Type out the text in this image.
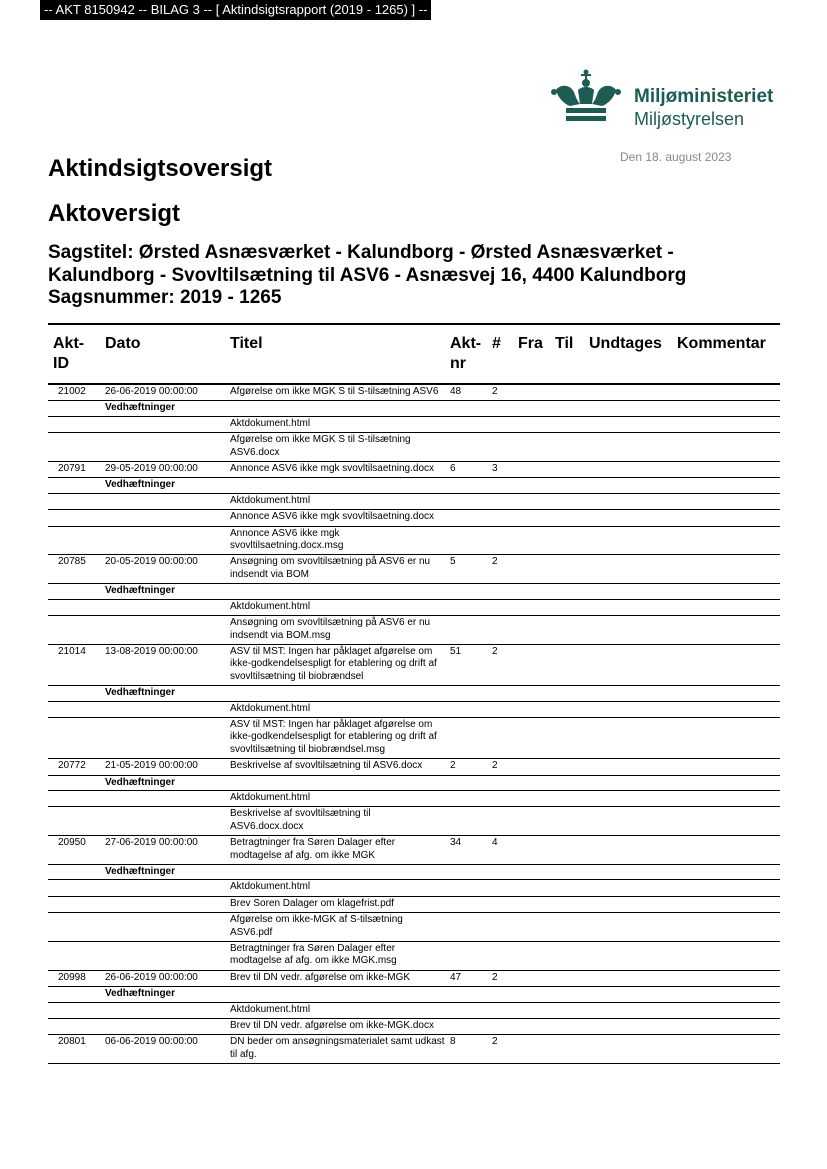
-- AKT 8150942 -- BILAG 3 -- [ Aktindsigtsrapport (2019 - 1265) ] --
Miljøministeriet
Miljøstyrelsen
Den 18. august 2023
Aktindsigtsoversigt
Aktoversigt
Sagstitel: Ørsted Asnæsværket - Kalundborg - Ørsted Asnæsværket - Kalundborg - Svovltilsætning til ASV6 - Asnæsvej 16, 4400 Kalundborg
Sagsnummer: 2019 - 1265
Akt-ID	Dato	Titel	Akt-nr	#	Fra	Til	Undtages	Kommentar
21002	26-06-2019 00:00:00	Afgørelse om ikke MGK S til S-tilsætning ASV6	48	2				
	Vedhæftninger							
		Aktdokument.html						
		Afgørelse om ikke MGK S til S-tilsætning ASV6.docx						
20791	29-05-2019 00:00:00	Annonce ASV6 ikke mgk svovltilsaetning.docx	6	3				
	Vedhæftninger							
		Aktdokument.html						
		Annonce ASV6 ikke mgk svovltilsaetning.docx						
		Annonce ASV6 ikke mgk svovltilsaetning.docx.msg						
20785	20-05-2019 00:00:00	Ansøgning om svovltilsætning på ASV6 er nu indsendt via BOM	5	2				
	Vedhæftninger							
		Aktdokument.html						
		Ansøgning om svovltilsætning på ASV6 er nu indsendt via BOM.msg						
21014	13-08-2019 00:00:00	ASV til MST: Ingen har påklaget afgørelse om ikke-godkendelsespligt for etablering og drift af svovltilsætning til biobrændsel	51	2				
	Vedhæftninger							
		Aktdokument.html						
		ASV til MST: Ingen har påklaget afgørelse om ikke-godkendelsespligt for etablering og drift af svovltilsætning til biobrændsel.msg						
20772	21-05-2019 00:00:00	Beskrivelse af svovltilsætning til ASV6.docx	2	2				
	Vedhæftninger							
		Aktdokument.html						
		Beskrivelse af svovltilsætning til ASV6.docx.docx						
20950	27-06-2019 00:00:00	Betragtninger fra Søren Dalager efter modtagelse af afg. om ikke MGK	34	4				
	Vedhæftninger							
		Aktdokument.html						
		Brev Soren Dalager om klagefrist.pdf						
		Afgørelse om ikke-MGK af S-tilsætning ASV6.pdf						
		Betragtninger fra Søren Dalager efter modtagelse af afg. om ikke MGK.msg						
20998	26-06-2019 00:00:00	Brev til DN vedr. afgørelse om ikke-MGK	47	2				
	Vedhæftninger							
		Aktdokument.html						
		Brev til DN vedr. afgørelse om ikke-MGK.docx						
20801	06-06-2019 00:00:00	DN beder om ansøgningsmaterialet samt udkast til afg.	8	2				
